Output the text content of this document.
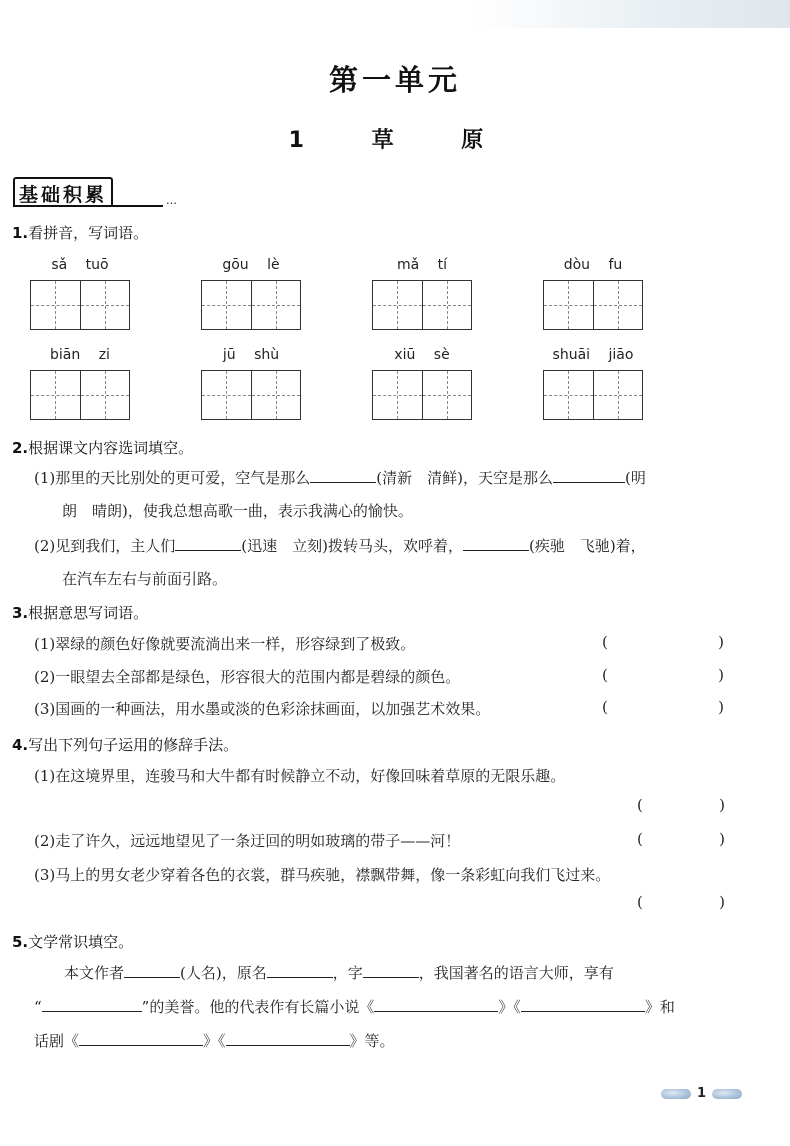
第一单元
1 草 原
基础积累	…
1.看拼音，写词语。
sǎ tuō	gōu lè	mǎ tí	dòu fu
biān zi	jū shù	xiū sè	shuāi jiāo
2.根据课文内容选词填空。
(1)那里的天比别处的更可爱，空气是那么	(清新　清鲜)，天空是那么	(明
朗　晴朗)，使我总想高歌一曲，表示我满心的愉快。
(2)见到我们，主人们	(迅速　立刻)拨转马头，欢呼着，	(疾驰　飞驰)着，
在汽车左右与前面引路。
3.根据意思写词语。
(1)翠绿的颜色好像就要流淌出来一样，形容绿到了极致。	(	)
(2)一眼望去全部都是绿色，形容很大的范围内都是碧绿的颜色。	(	)
(3)国画的一种画法，用水墨或淡的色彩涂抹画面，以加强艺术效果。	(	)
4.写出下列句子运用的修辞手法。
(1)在这境界里，连骏马和大牛都有时候静立不动，好像回味着草原的无限乐趣。
(	)
(2)走了许久，远远地望见了一条迂回的明如玻璃的带子——河！	(	)
(3)马上的男女老少穿着各色的衣裳，群马疾驰，襟飘带舞，像一条彩虹向我们飞过来。
(	)
5.文学常识填空。
本文作者	(人名)，原名	，字	，我国著名的语言大师，享有
“	”的美誉。他的代表作有长篇小说《	》《	》和
话剧《	》《	》等。
1
